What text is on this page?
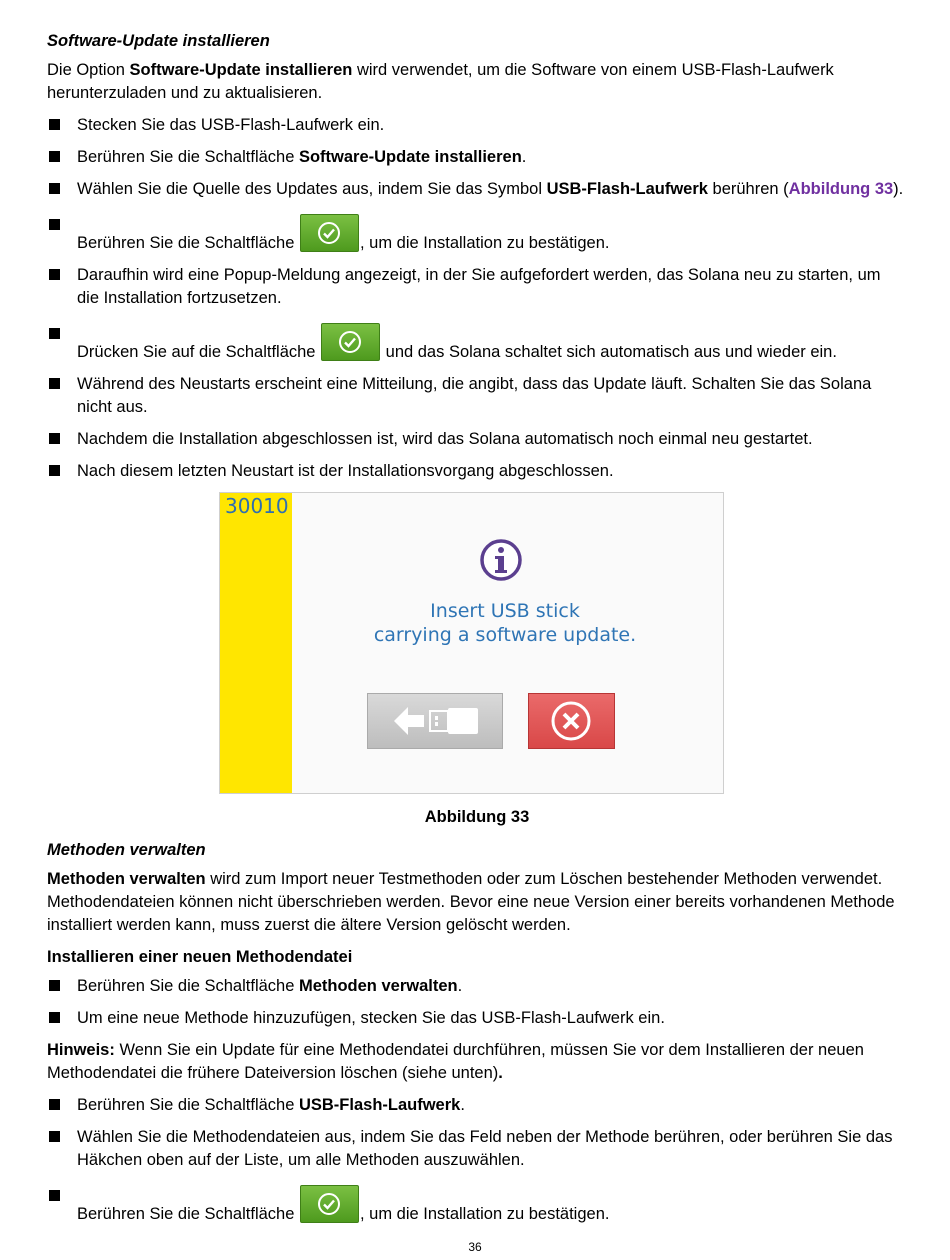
Software-Update installieren

Die Option Software-Update installieren wird verwendet, um die Software von einem USB-Flash-Laufwerk herunterzuladen und zu aktualisieren.

Stecken Sie das USB-Flash-Laufwerk ein.
Berühren Sie die Schaltfläche Software-Update installieren.
Wählen Sie die Quelle des Updates aus, indem Sie das Symbol USB-Flash-Laufwerk berühren (Abbildung 33).
Berühren Sie die Schaltfläche	, um die Installation zu bestätigen.
Daraufhin wird eine Popup-Meldung angezeigt, in der Sie aufgefordert werden, das Solana neu zu starten, um die Installation fortzusetzen.
Drücken Sie auf die Schaltfläche	und das Solana schaltet sich automatisch aus und wieder ein.
Während des Neustarts erscheint eine Mitteilung, die angibt, dass das Update läuft. Schalten Sie das Solana nicht aus.
Nachdem die Installation abgeschlossen ist, wird das Solana automatisch noch einmal neu gestartet.
Nach diesem letzten Neustart ist der Installationsvorgang abgeschlossen.
30010
Insert USB stick
carrying a software update.
Abbildung 33
Methoden verwalten

Methoden verwalten wird zum Import neuer Testmethoden oder zum Löschen bestehender Methoden verwendet. Methodendateien können nicht überschrieben werden. Bevor eine neue Version einer bereits vorhandenen Methode installiert werden kann, muss zuerst die ältere Version gelöscht werden.

Installieren einer neuen Methodendatei
Berühren Sie die Schaltfläche Methoden verwalten.
Um eine neue Methode hinzuzufügen, stecken Sie das USB-Flash-Laufwerk ein.

Hinweis: Wenn Sie ein Update für eine Methodendatei durchführen, müssen Sie vor dem Installieren der neuen Methodendatei die frühere Dateiversion löschen (siehe unten).

Berühren Sie die Schaltfläche USB-Flash-Laufwerk.
Wählen Sie die Methodendateien aus, indem Sie das Feld neben der Methode berühren, oder berühren Sie das Häkchen oben auf der Liste, um alle Methoden auszuwählen.
Berühren Sie die Schaltfläche	, um die Installation zu bestätigen.
36
